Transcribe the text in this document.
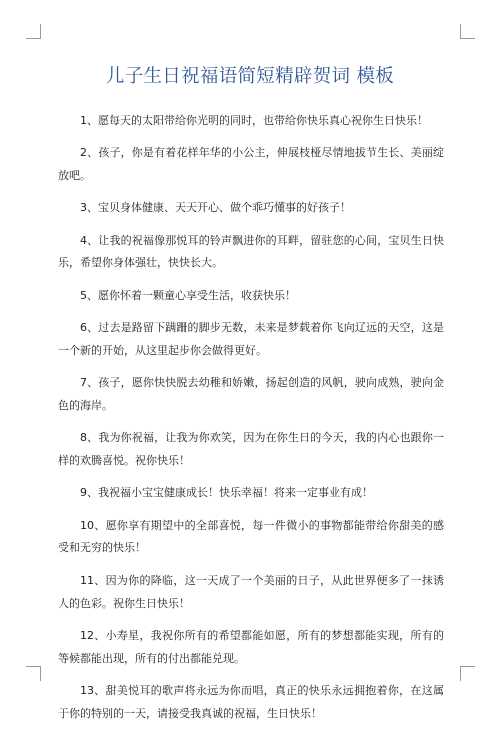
儿子生日祝福语简短精辟贺词 模板

1、愿每天的太阳带给你光明的同时，也带给你快乐真心祝你生日快乐！

2、孩子，你是有着花样年华的小公主，伸展枝桠尽情地拔节生长、美丽绽放吧。

3、宝贝身体健康、天天开心、做个乖巧懂事的好孩子！

4、让我的祝福像那悦耳的铃声飘进你的耳畔，留驻您的心间，宝贝生日快乐，希望你身体强壮，快快长大。

5、愿你怀着一颗童心享受生活，收获快乐！

6、过去是路留下蹒跚的脚步无数，未来是梦载着你飞向辽远的天空，这是一个新的开始，从这里起步你会做得更好。

7、孩子，愿你快快脱去幼稚和娇嫩，扬起创造的风帆，驶向成熟，驶向金色的海岸。

8、我为你祝福，让我为你欢笑，因为在你生日的今天，我的内心也跟你一样的欢腾喜悦。祝你快乐！

9、我祝福小宝宝健康成长！快乐幸福！将来一定事业有成！

10、愿你享有期望中的全部喜悦，每一件微小的事物都能带给你甜美的感受和无穷的快乐！

11、因为你的降临，这一天成了一个美丽的日子，从此世界便多了一抹诱人的色彩。祝你生日快乐！

12、小寿星，我祝你所有的希望都能如愿，所有的梦想都能实现，所有的等候都能出现，所有的付出都能兑现。

13、甜美悦耳的歌声将永远为你而唱，真正的快乐永远拥抱着你，在这属于你的特别的一天，请接受我真诚的祝福，生日快乐！
